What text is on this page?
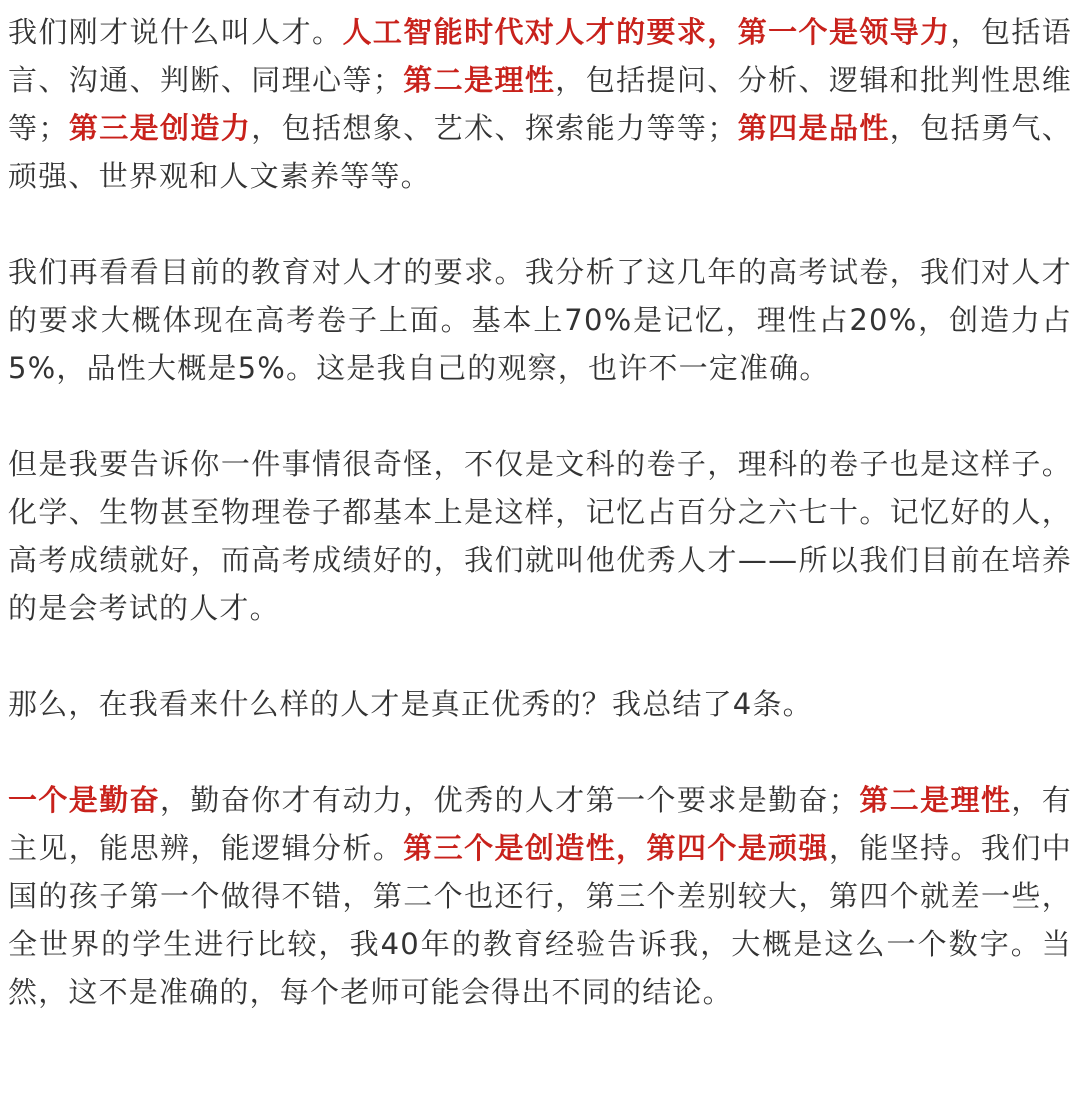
我们刚才说什么叫人才。人工智能时代对人才的要求，第一个是领导力，包括语言、沟通、判断、同理心等；第二是理性，包括提问、分析、逻辑和批判性思维等；第三是创造力，包括想象、艺术、探索能力等等；第四是品性，包括勇气、顽强、世界观和人文素养等等。

我们再看看目前的教育对人才的要求。我分析了这几年的高考试卷，我们对人才的要求大概体现在高考卷子上面。基本上70%是记忆，理性占20%，创造力占5%，品性大概是5%。这是我自己的观察，也许不一定准确。

但是我要告诉你一件事情很奇怪，不仅是文科的卷子，理科的卷子也是这样子。化学、生物甚至物理卷子都基本上是这样，记忆占百分之六七十。记忆好的人，高考成绩就好，而高考成绩好的，我们就叫他优秀人才——所以我们目前在培养的是会考试的人才。

那么，在我看来什么样的人才是真正优秀的？我总结了4条。

一个是勤奋，勤奋你才有动力，优秀的人才第一个要求是勤奋；第二是理性，有主见，能思辨，能逻辑分析。第三个是创造性，第四个是顽强，能坚持。我们中国的孩子第一个做得不错，第二个也还行，第三个差别较大，第四个就差一些，全世界的学生进行比较，我40年的教育经验告诉我，大概是这么一个数字。当然，这不是准确的，每个老师可能会得出不同的结论。
